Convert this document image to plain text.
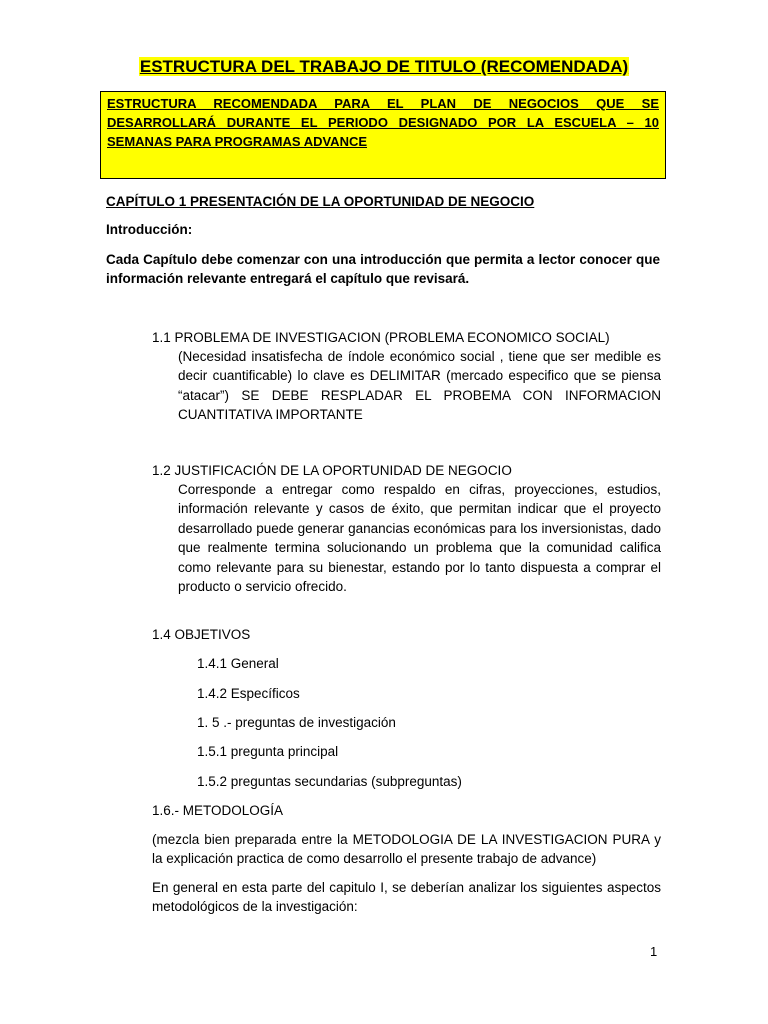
ESTRUCTURA DEL TRABAJO DE TITULO (RECOMENDADA)
ESTRUCTURA RECOMENDADA PARA EL PLAN DE NEGOCIOS QUE SE DESARROLLARÁ DURANTE EL PERIODO DESIGNADO POR LA ESCUELA – 10 SEMANAS PARA PROGRAMAS ADVANCE
CAPÍTULO 1 PRESENTACIÓN DE LA OPORTUNIDAD DE NEGOCIO
Introducción:
Cada Capítulo debe comenzar con una introducción que permita a lector conocer que información relevante entregará el capítulo que revisará.
1.1 PROBLEMA DE INVESTIGACION (PROBLEMA ECONOMICO SOCIAL)
(Necesidad insatisfecha de índole económico social , tiene que ser medible es decir cuantificable) lo clave es DELIMITAR (mercado especifico que se piensa “atacar”) SE DEBE RESPLADAR EL PROBEMA CON INFORMACION CUANTITATIVA IMPORTANTE
1.2 JUSTIFICACIÓN DE LA OPORTUNIDAD DE NEGOCIO
Corresponde a entregar como respaldo en cifras, proyecciones, estudios, información relevante y casos de éxito, que permitan indicar que el proyecto desarrollado puede generar ganancias económicas para los inversionistas, dado que realmente termina solucionando un problema que la comunidad califica como relevante para su bienestar, estando por lo tanto dispuesta a comprar el producto o servicio ofrecido.
1.4 OBJETIVOS
1.4.1 General
1.4.2 Específicos
1. 5 .- preguntas de investigación
1.5.1 pregunta principal
1.5.2 preguntas secundarias (subpreguntas)
1.6.- METODOLOGÍA
(mezcla bien preparada entre la METODOLOGIA DE LA INVESTIGACION PURA y la explicación practica de como desarrollo el presente trabajo de advance)
En general en esta parte del capitulo I, se deberían analizar los siguientes aspectos metodológicos de la investigación:
1
